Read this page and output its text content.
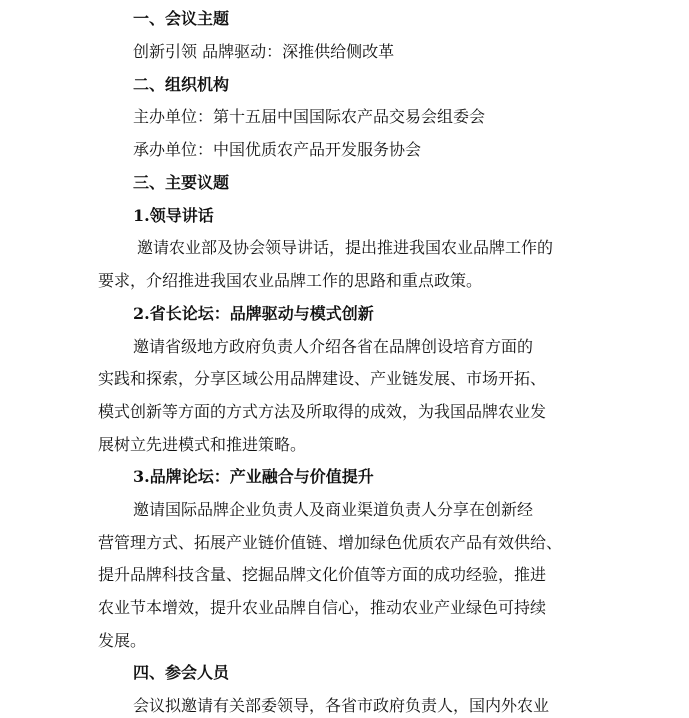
一、会议主题
创新引领 品牌驱动：深推供给侧改革
二、组织机构
主办单位：第十五届中国国际农产品交易会组委会
承办单位：中国优质农产品开发服务协会
三、主要议题
1.领导讲话
邀请农业部及协会领导讲话，提出推进我国农业品牌工作的
要求，介绍推进我国农业品牌工作的思路和重点政策。
2.省长论坛：品牌驱动与模式创新
邀请省级地方政府负责人介绍各省在品牌创设培育方面的
实践和探索，分享区域公用品牌建设、产业链发展、市场开拓、
模式创新等方面的方式方法及所取得的成效，为我国品牌农业发
展树立先进模式和推进策略。
3.品牌论坛：产业融合与价值提升
邀请国际品牌企业负责人及商业渠道负责人分享在创新经
营管理方式、拓展产业链价值链、增加绿色优质农产品有效供给、
提升品牌科技含量、挖掘品牌文化价值等方面的成功经验，推进
农业节本增效，提升农业品牌自信心，推动农业产业绿色可持续
发展。
四、参会人员
会议拟邀请有关部委领导，各省市政府负责人，国内外农业
